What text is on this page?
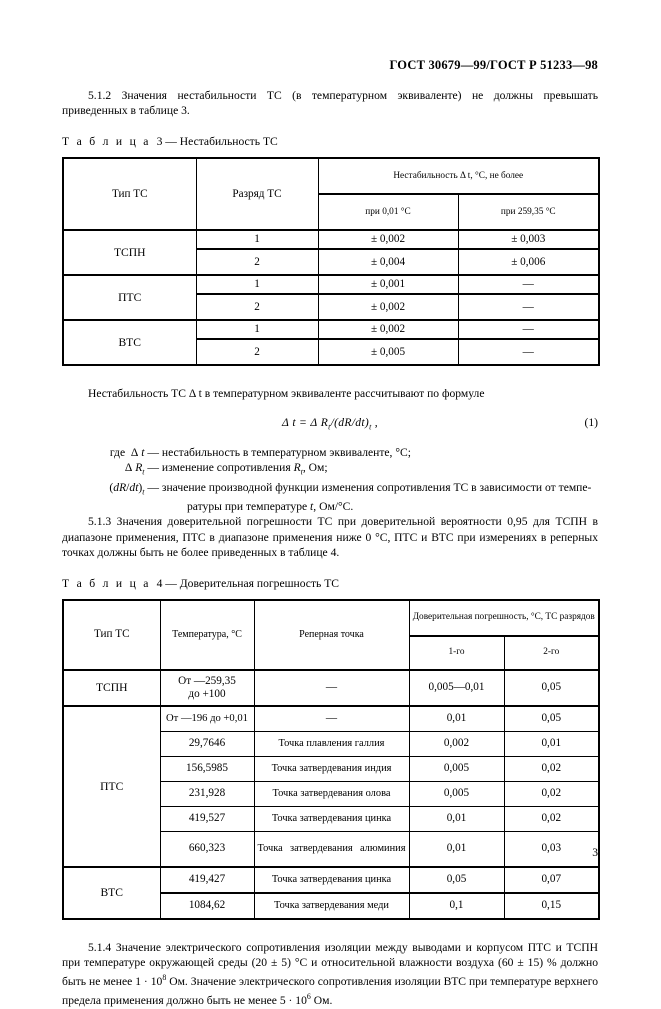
ГОСТ 30679—99/ГОСТ Р 51233—98

5.1.2 Значения нестабильности ТС (в температурном эквиваленте) не должны превышать приведенных в таблице 3.

Т а б л и ц а 3 — Нестабильность ТС
Тип ТС	Разряд ТС	Нестабильность Δ t, °С, не более	
		при 0,01 °С	при 259,35 °С
ТСПН	1	± 0,002	± 0,003
	2	± 0,004	± 0,006
ПТС	1	± 0,001	—
	2	± 0,002	—
ВТС	1	± 0,002	—
	2	± 0,005	—

Нестабильность ТС Δ t в температурном эквиваленте рассчитывают по формуле

Δ t = Δ $R_t/(dR/dt)_t$ ,	(1)
где  Δ t — нестабильность в температурном эквиваленте, °С;
Δ $R_t$ — изменение сопротивления $R_t$, Ом;
$(dR/dt)_t$ — значение производной функции изменения сопротивления ТС в зависимости от темпе-
ратуры при температуре t, Ом/°С.

5.1.3 Значения доверительной погрешности ТС при доверительной вероятности 0,95 для ТСПН в диапазоне применения, ПТС в диапазоне применения ниже 0 °С, ПТС и ВТС при измерениях в реперных точках должны быть не более приведенных в таблице 4.

Т а б л и ц а 4 — Доверительная погрешность ТС
Тип ТС	Температура, °С	Реперная точка	Доверительная погрешность, °С, ТС разрядов	
			1-го	2-го
ТСПН	От —259,35
до +100	—	0,005—0,01	0,05
ПТС	От —196 до +0,01	—	0,01	0,05
	29,7646	Точка плавления галлия	0,002	0,01
	156,5985	Точка затвердевания индия	0,005	0,02
	231,928	Точка затвердевания олова	0,005	0,02
	419,527	Точка затвердевания цинка	0,01	0,02
	660,323	Точка затвердевания алюминия	0,01	0,03
ВТС	419,427	Точка затвердевания цинка	0,05	0,07
	1084,62	Точка затвердевания меди	0,1	0,15

5.1.4 Значение электрического сопротивления изоляции между выводами и корпусом ПТС и ТСПН при температуре окружающей среды (20 ± 5) °С и относительной влажности воздуха (60 ± 15) % должно быть не менее $1 \cdot 10^8$ Ом. Значение электрического сопротивления изоляции ВТС при температуре верхнего предела применения должно быть не менее $5 \cdot 10^6$ Ом.

3
